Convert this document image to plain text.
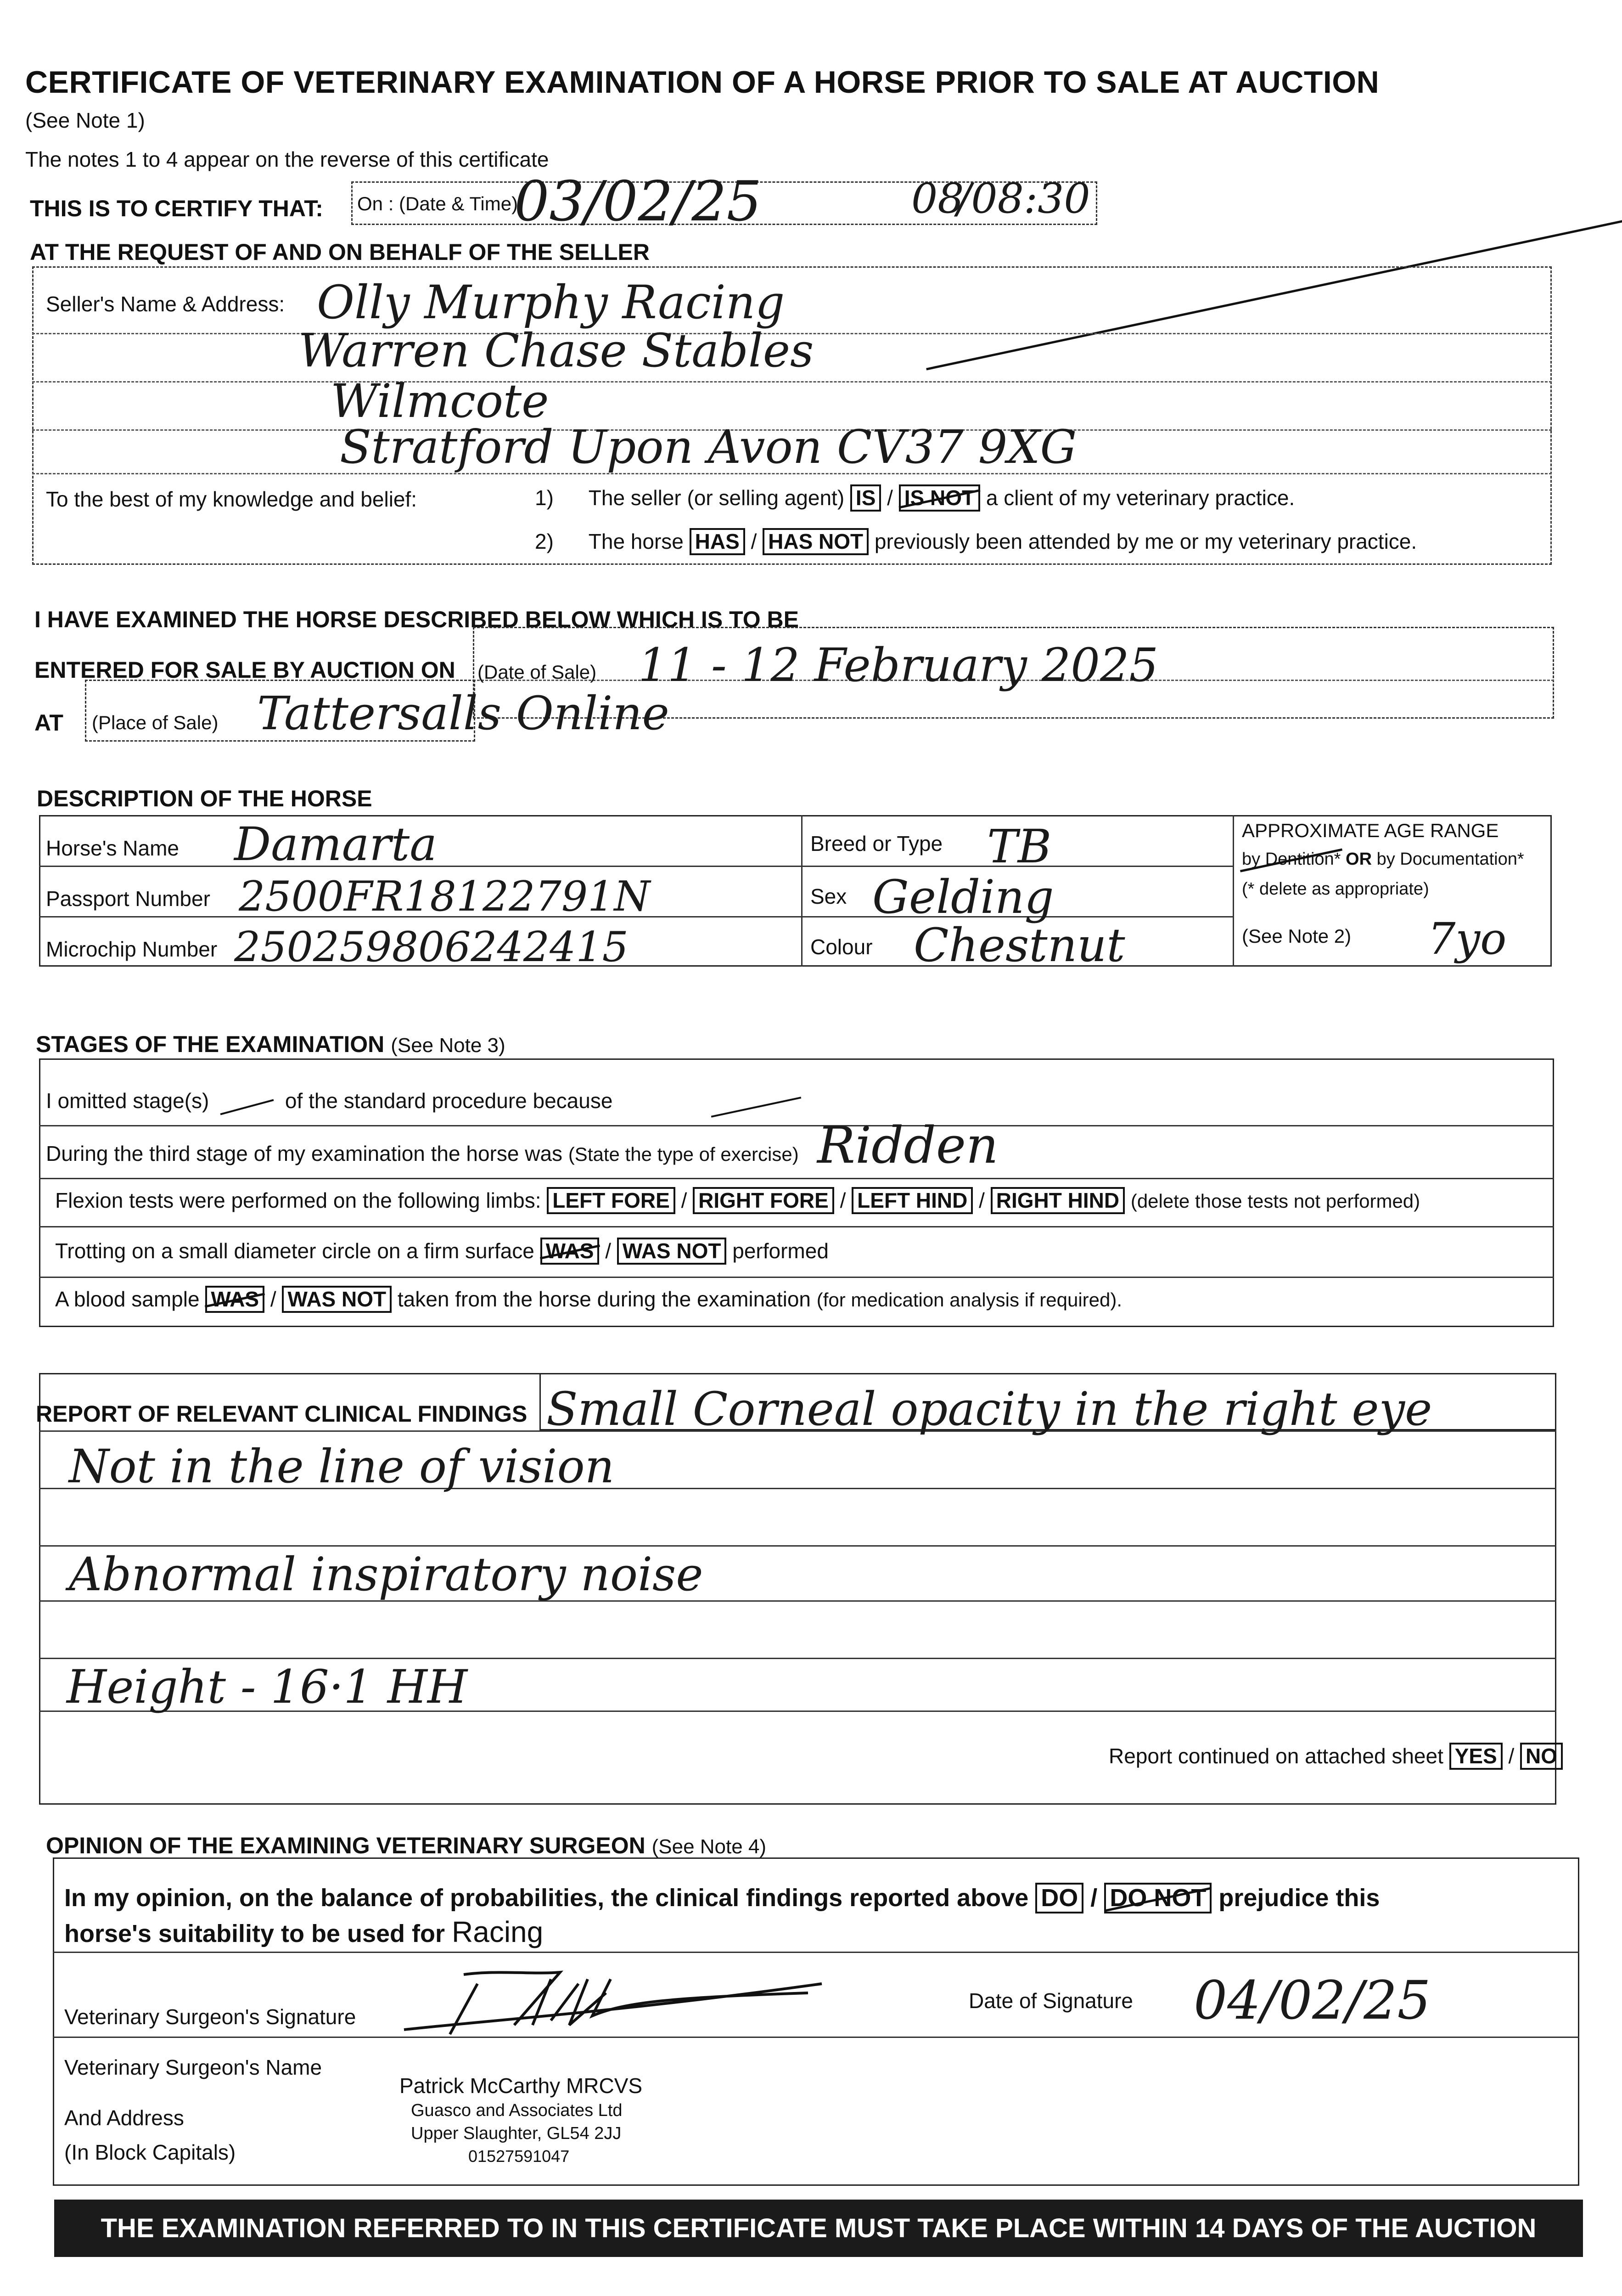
CERTIFICATE OF VETERINARY EXAMINATION OF A HORSE PRIOR TO SALE AT AUCTION
(See Note 1)
The notes 1 to 4 appear on the reverse of this certificate
THIS IS TO CERTIFY THAT: On : (Date & Time)
03/02/25	08
/08:30
AT THE REQUEST OF AND ON BEHALF OF THE SELLER
Seller's Name & Address: Olly Murphy Racing
Warren Chase Stables
Wilmcote
Stratford Upon Avon CV37 9XG
To the best of my knowledge and belief:	1) The seller (or selling agent) IS / IS NOT a client of my veterinary practice.
2) The horse HAS / HAS NOT previously been attended by me or my veterinary practice.
I HAVE EXAMINED THE HORSE DESCRIBED BELOW WHICH IS TO BE
ENTERED FOR SALE BY AUCTION ON (Date of Sale) 11 - 12 February 2025
AT (Place of Sale) Tattersalls Online
DESCRIPTION OF THE HORSE
Horse's Name Damarta
Passport Number 2500FR18122791N
Microchip Number 250259806242415
Breed or Type TB
Sex Gelding
Colour Chestnut
APPROXIMATE AGE RANGE
by Dentition* OR by Documentation*
(* delete as appropriate)
(See Note 2) 7yo
STAGES OF THE EXAMINATION (See Note 3)
I omitted stage(s)	of the standard procedure because
During the third stage of my examination the horse was (State the type of exercise) Ridden
Flexion tests were performed on the following limbs: LEFT FORE / RIGHT FORE / LEFT HIND / RIGHT HIND (delete those tests not performed)
Trotting on a small diameter circle on a firm surface WAS / WAS NOT performed
A blood sample WAS / WAS NOT taken from the horse during the examination (for medication analysis if required).
REPORT OF RELEVANT CLINICAL FINDINGS Small Corneal opacity in the right eye
Not in the line of vision
Abnormal inspiratory noise
Height - 16·1 HH
Report continued on attached sheet YES / NO
OPINION OF THE EXAMINING VETERINARY SURGEON (See Note 4)
In my opinion, on the balance of probabilities, the clinical findings reported above DO / DO NOT prejudice this
horse's suitability to be used for Racing
Veterinary Surgeon's Signature
Date of Signature 04/02/25
Veterinary Surgeon's Name
And Address
(In Block Capitals)
Patrick McCarthy MRCVS
Guasco and Associates Ltd
Upper Slaughter, GL54 2JJ
01527591047
THE EXAMINATION REFERRED TO IN THIS CERTIFICATE MUST TAKE PLACE WITHIN 14 DAYS OF THE AUCTION
